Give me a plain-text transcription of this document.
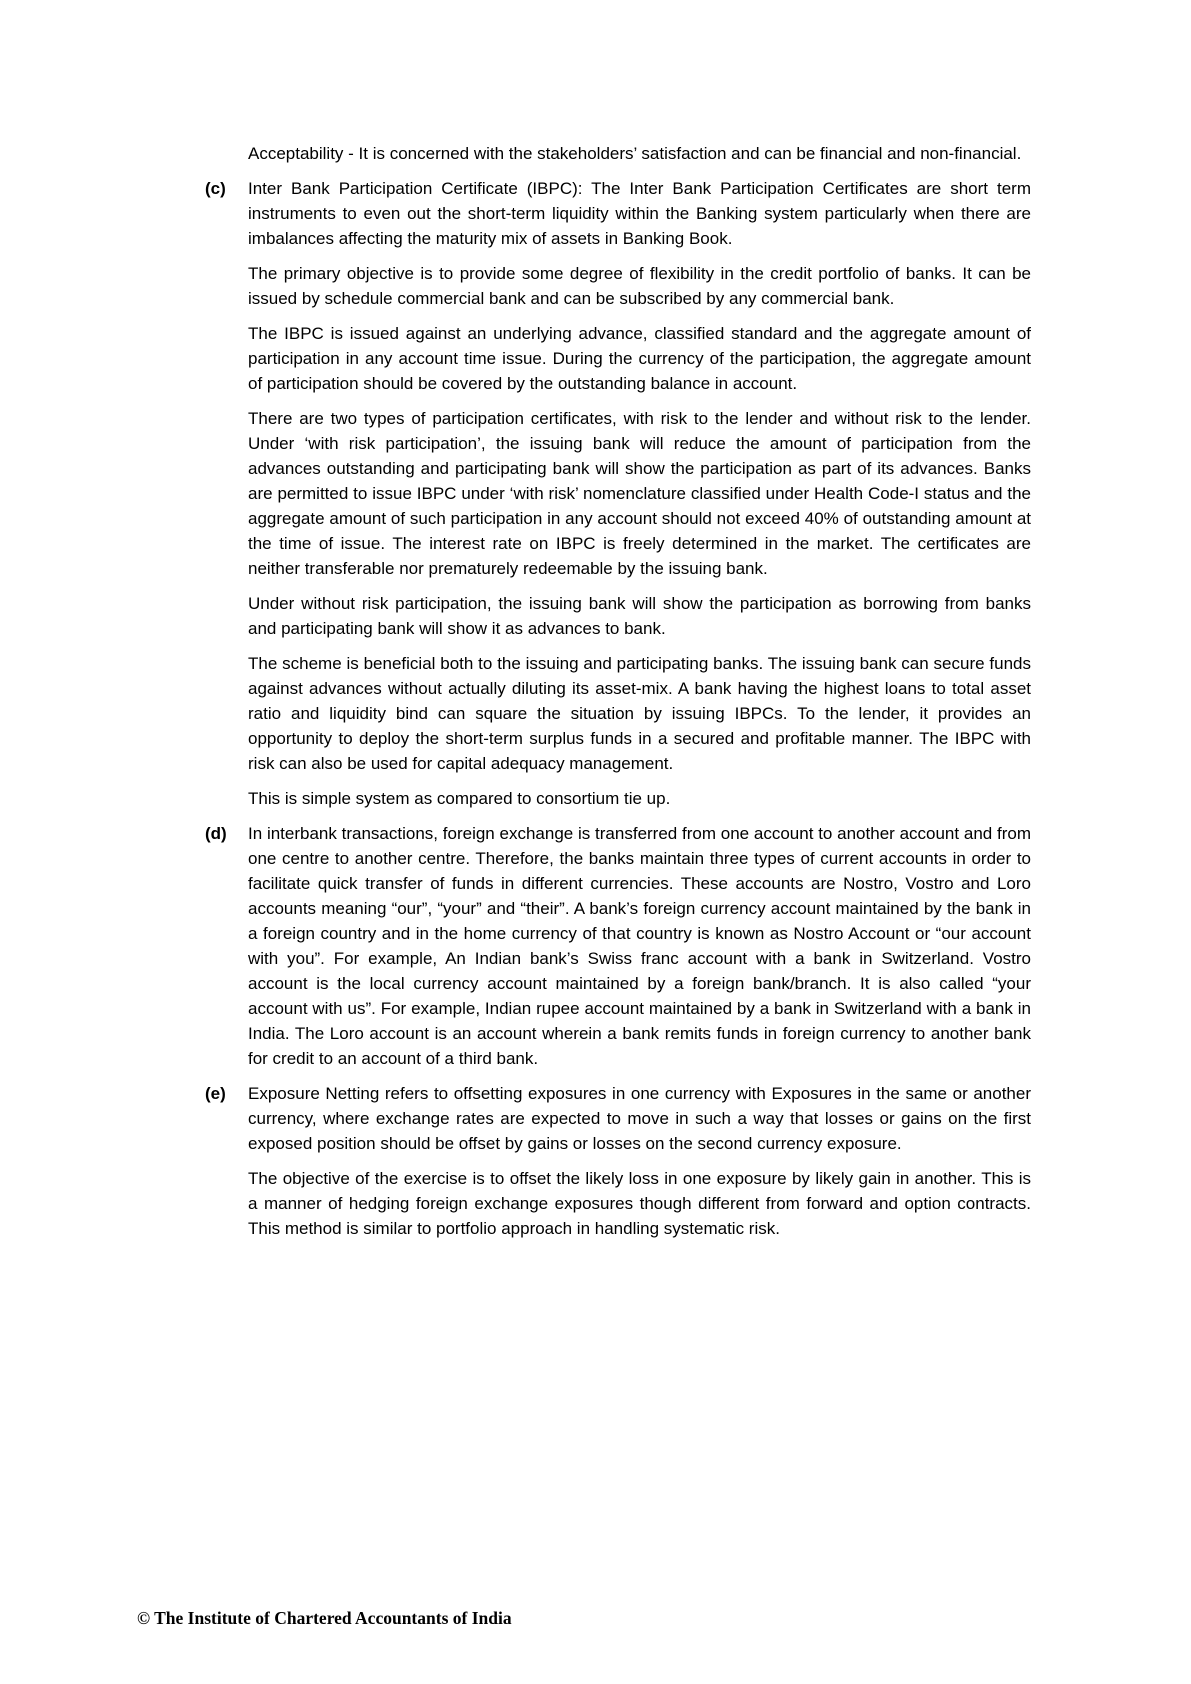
Acceptability - It is concerned with the stakeholders’ satisfaction and can be financial and non-financial.

(c)	Inter Bank Participation Certificate (IBPC): The Inter Bank Participation Certificates are short term instruments to even out the short-term liquidity within the Banking system particularly when there are imbalances affecting the maturity mix of assets in Banking Book.

The primary objective is to provide some degree of flexibility in the credit portfolio of banks. It can be issued by schedule commercial bank and can be subscribed by any commercial bank.

The IBPC is issued against an underlying advance, classified standard and the aggregate amount of participation in any account time issue. During the currency of the participation, the aggregate amount of participation should be covered by the outstanding balance in account.

There are two types of participation certificates, with risk to the lender and without risk to the lender. Under ‘with risk participation’, the issuing bank will reduce the amount of participation from the advances outstanding and participating bank will show the participation as part of its advances. Banks are permitted to issue IBPC under ‘with risk’ nomenclature classified under Health Code-I status and the aggregate amount of such participation in any account should not exceed 40% of outstanding amount at the time of issue. The interest rate on IBPC is freely determined in the market. The certificates are neither transferable nor prematurely redeemable by the issuing bank.

Under without risk participation, the issuing bank will show the participation as borrowing from banks and participating bank will show it as advances to bank.

The scheme is beneficial both to the issuing and participating banks. The issuing bank can secure funds against advances without actually diluting its asset-mix. A bank having the highest loans to total asset ratio and liquidity bind can square the situation by issuing IBPCs. To the lender, it provides an opportunity to deploy the short-term surplus funds in a secured and profitable manner. The IBPC with risk can also be used for capital adequacy management.

This is simple system as compared to consortium tie up.

(d)	In interbank transactions, foreign exchange is transferred from one account to another account and from one centre to another centre. Therefore, the banks maintain three types of current accounts in order to facilitate quick transfer of funds in different currencies. These accounts are Nostro, Vostro and Loro accounts meaning “our”, “your” and “their”. A bank’s foreign currency account maintained by the bank in a foreign country and in the home currency of that country is known as Nostro Account or “our account with you”. For example, An Indian bank’s Swiss franc account with a bank in Switzerland. Vostro account is the local currency account maintained by a foreign bank/branch. It is also called “your account with us”. For example, Indian rupee account maintained by a bank in Switzerland with a bank in India. The Loro account is an account wherein a bank remits funds in foreign currency to another bank for credit to an account of a third bank.

(e)	Exposure Netting refers to offsetting exposures in one currency with Exposures in the same or another currency, where exchange rates are expected to move in such a way that losses or gains on the first exposed position should be offset by gains or losses on the second currency exposure.

The objective of the exercise is to offset the likely loss in one exposure by likely gain in another. This is a manner of hedging foreign exchange exposures though different from forward and option contracts. This method is similar to portfolio approach in handling systematic risk.

© The Institute of Chartered Accountants of India
